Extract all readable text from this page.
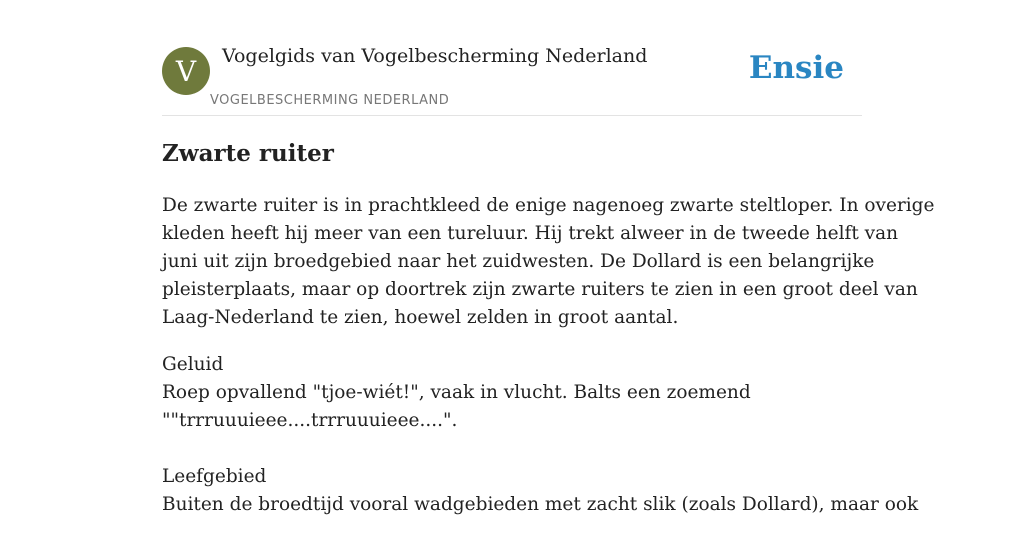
V	Vogelgids van Vogelbescherming Nederland
VOGELBESCHERMING NEDERLAND
Ensie
Zwarte ruiter
De zwarte ruiter is in prachtkleed de enige nagenoeg zwarte steltloper. In overige
kleden heeft hij meer van een tureluur. Hij trekt alweer in de tweede helft van
juni uit zijn broedgebied naar het zuidwesten. De Dollard is een belangrijke
pleisterplaats, maar op doortrek zijn zwarte ruiters te zien in een groot deel van
Laag-Nederland te zien, hoewel zelden in groot aantal.
Geluid
Roep opvallend "tjoe-wiét!", vaak in vlucht. Balts een zoemend
""trrruuuieee....trrruuuieee....".
Leefgebied
Buiten de broedtijd vooral wadgebieden met zacht slik (zoals Dollard), maar ook
